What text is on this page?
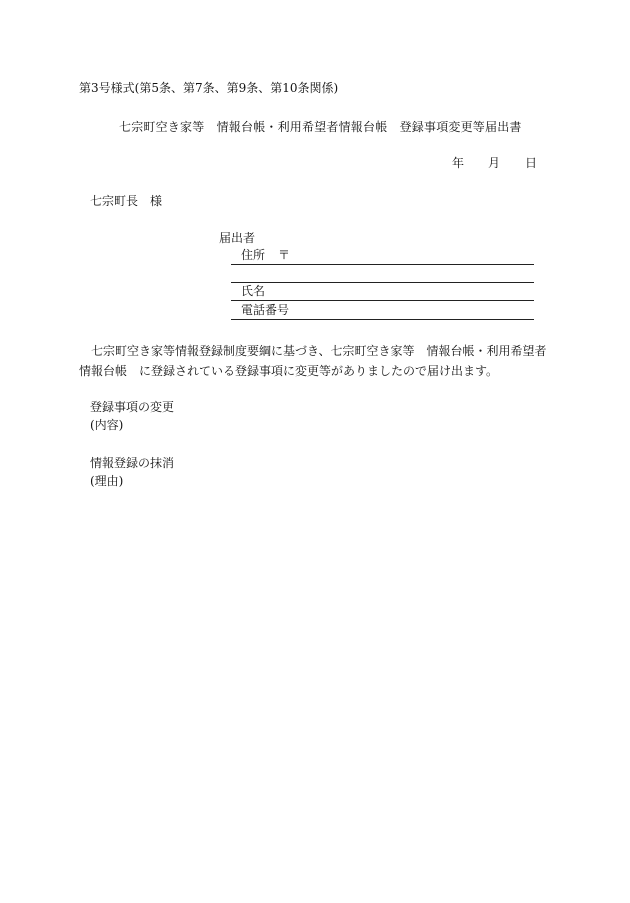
第3号様式(第5条、第7条、第9条、第10条関係)
七宗町空き家等　情報台帳・利用希望者情報台帳　登録事項変更等届出書
年 月 日
七宗町長　様
届出者
住所 〒
氏名
電話番号
七宗町空き家等情報登録制度要綱に基づき、七宗町空き家等　情報台帳・利用希望者情報台帳　に登録されている登録事項に変更等がありましたので届け出ます。
登録事項の変更
(内容)
情報登録の抹消
(理由)
